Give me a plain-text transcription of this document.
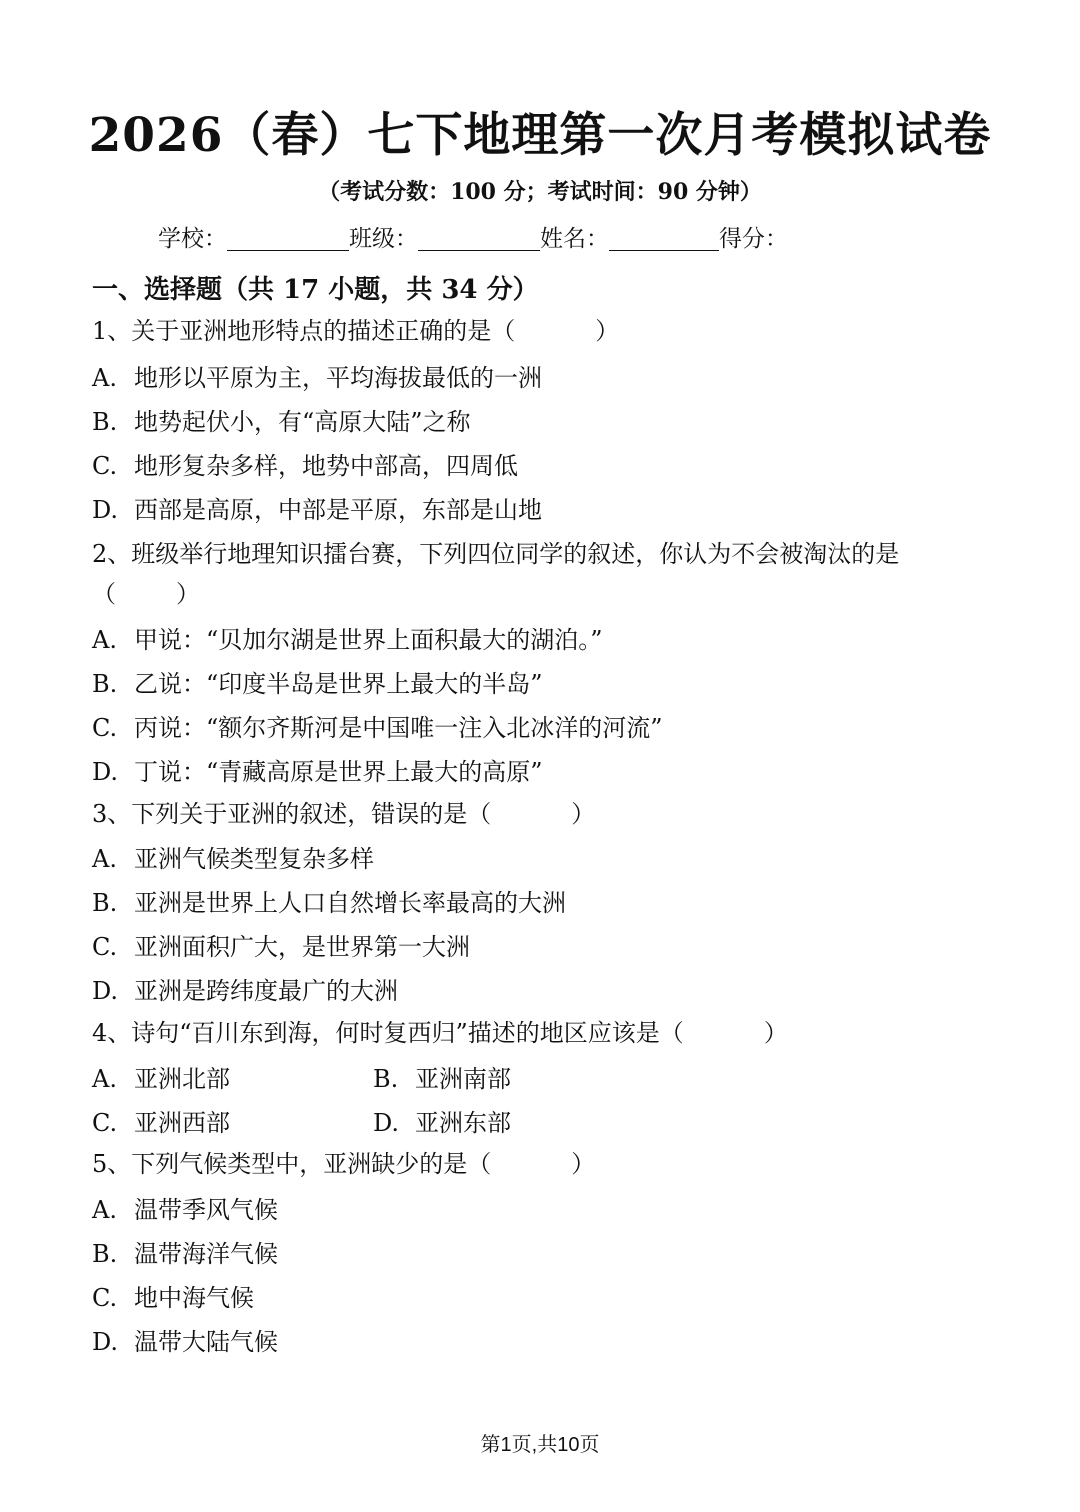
2026（春）七下地理第一次月考模拟试卷
（考试分数：100 分；考试时间：90 分钟）
学校：	班级：	姓名：	得分：
一、选择题（共 17 小题，共 34 分）
1、关于亚洲地形特点的描述正确的是（	）
A. 地形以平原为主，平均海拔最低的一洲
B. 地势起伏小，有“高原大陆”之称
C. 地形复杂多样，地势中部高，四周低
D. 西部是高原，中部是平原，东部是山地
2、班级举行地理知识擂台赛，下列四位同学的叙述，你认为不会被淘汰的是
（	）
A. 甲说：“贝加尔湖是世界上面积最大的湖泊。”
B. 乙说：“印度半岛是世界上最大的半岛”
C. 丙说：“额尔齐斯河是中国唯一注入北冰洋的河流”
D. 丁说：“青藏高原是世界上最大的高原”
3、下列关于亚洲的叙述，错误的是（	）
A. 亚洲气候类型复杂多样
B. 亚洲是世界上人口自然增长率最高的大洲
C. 亚洲面积广大，是世界第一大洲
D. 亚洲是跨纬度最广的大洲
4、诗句“百川东到海，何时复西归”描述的地区应该是（	）
A. 亚洲北部	B. 亚洲南部
C. 亚洲西部	D. 亚洲东部
5、下列气候类型中，亚洲缺少的是（	）
A. 温带季风气候
B. 温带海洋气候
C. 地中海气候
D. 温带大陆气候
第1页,共10页
